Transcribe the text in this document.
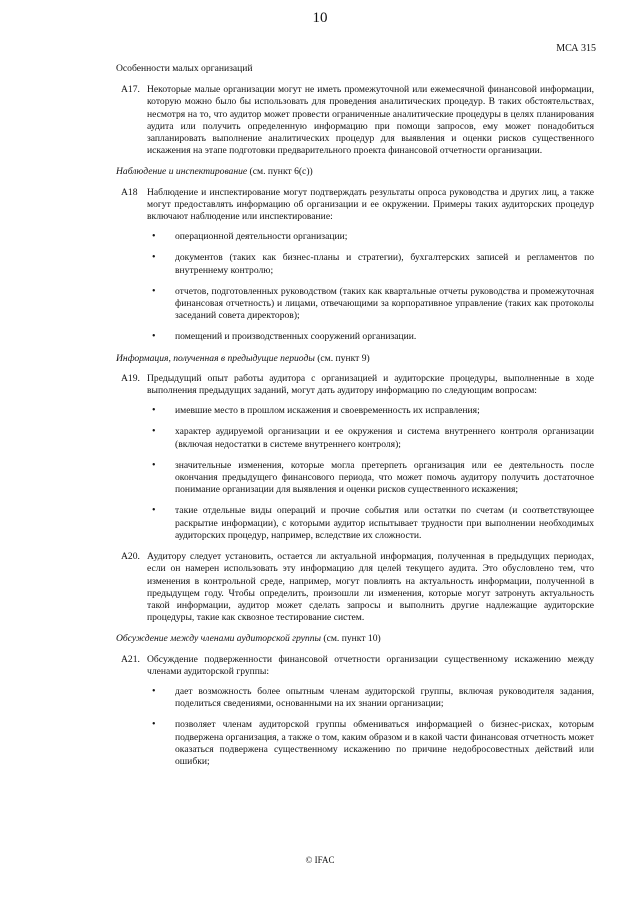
10
МСА 315
Особенности малых организаций
A17. Некоторые малые организации могут не иметь промежуточной или ежемесячной финансовой информации, которую можно было бы использовать для проведения аналитических процедур. В таких обстоятельствах, несмотря на то, что аудитор может провести ограниченные аналитические процедуры в целях планирования аудита или получить определенную информацию при помощи запросов, ему может понадобиться запланировать выполнение аналитических процедур для выявления и оценки рисков существенного искажения на этапе подготовки предварительного проекта финансовой отчетности организации.
Наблюдение и инспектирование (см. пункт 6(c))
A18 Наблюдение и инспектирование могут подтверждать результаты опроса руководства и других лиц, а также могут предоставлять информацию об организации и ее окружении. Примеры таких аудиторских процедур включают наблюдение или инспектирование:
• операционной деятельности организации;
• документов (таких как бизнес-планы и стратегии), бухгалтерских записей и регламентов по внутреннему контролю;
• отчетов, подготовленных руководством (таких как квартальные отчеты руководства и промежуточная финансовая отчетность) и лицами, отвечающими за корпоративное управление (таких как протоколы заседаний совета директоров);
• помещений и производственных сооружений организации.
Информация, полученная в предыдущие периоды (см. пункт 9)
A19. Предыдущий опыт работы аудитора с организацией и аудиторские процедуры, выполненные в ходе выполнения предыдущих заданий, могут дать аудитору информацию по следующим вопросам:
• имевшие место в прошлом искажения и своевременность их исправления;
• характер аудируемой организации и ее окружения и система внутреннего контроля организации (включая недостатки в системе внутреннего контроля);
• значительные изменения, которые могла претерпеть организация или ее деятельность после окончания предыдущего финансового периода, что может помочь аудитору получить достаточное понимание организации для выявления и оценки рисков существенного искажения;
• такие отдельные виды операций и прочие события или остатки по счетам (и соответствующее раскрытие информации), с которыми аудитор испытывает трудности при выполнении необходимых аудиторских процедур, например, вследствие их сложности.
A20. Аудитору следует установить, остается ли актуальной информация, полученная в предыдущих периодах, если он намерен использовать эту информацию для целей текущего аудита. Это обусловлено тем, что изменения в контрольной среде, например, могут повлиять на актуальность информации, полученной в предыдущем году. Чтобы определить, произошли ли изменения, которые могут затронуть актуальность такой информации, аудитор может сделать запросы и выполнить другие надлежащие аудиторские процедуры, такие как сквозное тестирование систем.
Обсуждение между членами аудиторской группы (см. пункт 10)
A21. Обсуждение подверженности финансовой отчетности организации существенному искажению между членами аудиторской группы:
• дает возможность более опытным членам аудиторской группы, включая руководителя задания, поделиться сведениями, основанными на их знании организации;
• позволяет членам аудиторской группы обмениваться информацией о бизнес-рисках, которым подвержена организация, а также о том, каким образом и в какой части финансовая отчетность может оказаться подвержена существенному искажению по причине недобросовестных действий или ошибки;
© IFAC
